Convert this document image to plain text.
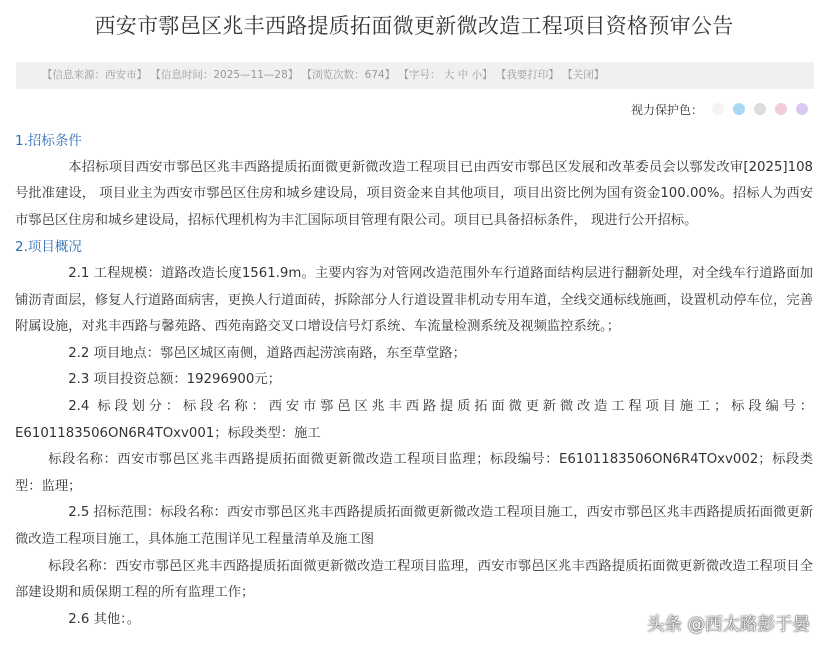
西安市鄠邑区兆丰西路提质拓面微更新微改造工程项目资格预审公告
【信息来源：西安市】 【信息时间：2025—11—28】 【浏览次数：674】 【字号： 大 中 小】 【我要打印】 【关闭】
视力保护色：
1.招标条件

本招标项目西安市鄠邑区兆丰西路提质拓面微更新微改造工程项目已由西安市鄠邑区发展和改革委员会以鄠发改审[2025]108号批准建设， 项目业主为西安市鄠邑区住房和城乡建设局，项目资金来自其他项目，项目出资比例为国有资金100.00%。招标人为西安市鄠邑区住房和城乡建设局，招标代理机构为丰汇国际项目管理有限公司。项目已具备招标条件， 现进行公开招标。

2.项目概况

2.1 工程规模：道路改造长度1561.9m。主要内容为对管网改造范围外车行道路面结构层进行翻新处理，对全线车行道路面加铺沥青面层，修复人行道路面病害，更换人行道面砖，拆除部分人行道设置非机动专用车道，全线交通标线施画，设置机动停车位，完善附属设施，对兆丰西路与馨苑路、西苑南路交叉口增设信号灯系统、车流量检测系统及视频监控系统。；

2.2 项目地点：鄠邑区城区南侧，道路西起涝滨南路，东至草堂路；

2.3 项目投资总额：19296900元；

2.4 标段划分：标段名称：西安市鄠邑区兆丰西路提质拓面微更新微改造工程项目施工；标段编号：E6101183506ON6R4TOxv001；标段类型：施工

标段名称：西安市鄠邑区兆丰西路提质拓面微更新微改造工程项目监理；标段编号：E6101183506ON6R4TOxv002；标段类型：监理；

2.5 招标范围：标段名称：西安市鄠邑区兆丰西路提质拓面微更新微改造工程项目施工，西安市鄠邑区兆丰西路提质拓面微更新微改造工程项目施工，具体施工范围详见工程量清单及施工图

标段名称：西安市鄠邑区兆丰西路提质拓面微更新微改造工程项目监理，西安市鄠邑区兆丰西路提质拓面微更新微改造工程项目全部建设期和质保期工程的所有监理工作；

2.6 其他：。	头条 @西太路彭于晏
